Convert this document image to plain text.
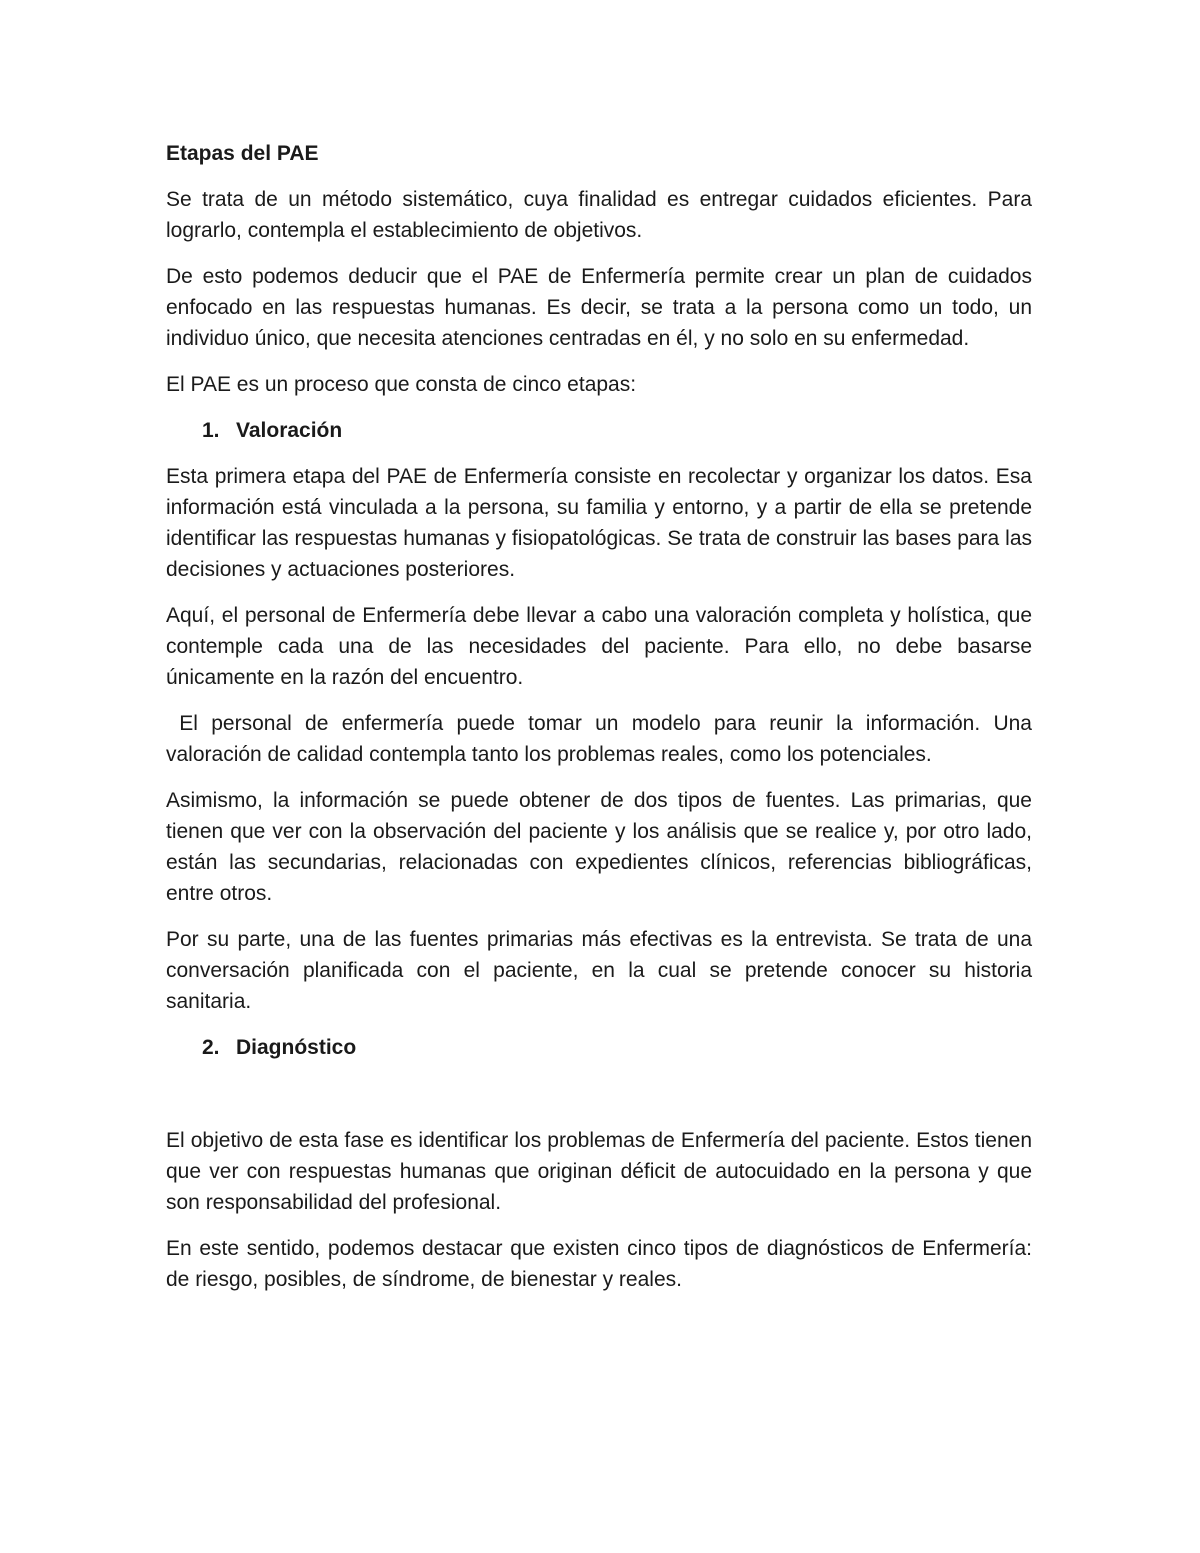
Etapas del PAE

Se trata de un método sistemático, cuya finalidad es entregar cuidados eficientes. Para lograrlo, contempla el establecimiento de objetivos.

De esto podemos deducir que el PAE de Enfermería permite crear un plan de cuidados enfocado en las respuestas humanas. Es decir, se trata a la persona como un todo, un individuo único, que necesita atenciones centradas en él, y no solo en su enfermedad.

El PAE es un proceso que consta de cinco etapas:

1. Valoración

Esta primera etapa del PAE de Enfermería consiste en recolectar y organizar los datos. Esa información está vinculada a la persona, su familia y entorno, y a partir de ella se pretende identificar las respuestas humanas y fisiopatológicas. Se trata de construir las bases para las decisiones y actuaciones posteriores.

Aquí, el personal de Enfermería debe llevar a cabo una valoración completa y holística, que contemple cada una de las necesidades del paciente. Para ello, no debe basarse únicamente en la razón del encuentro.

El personal de enfermería puede tomar un modelo para reunir la información. Una valoración de calidad contempla tanto los problemas reales, como los potenciales.

Asimismo, la información se puede obtener de dos tipos de fuentes. Las primarias, que tienen que ver con la observación del paciente y los análisis que se realice y, por otro lado, están las secundarias, relacionadas con expedientes clínicos, referencias bibliográficas, entre otros.

Por su parte, una de las fuentes primarias más efectivas es la entrevista. Se trata de una conversación planificada con el paciente, en la cual se pretende conocer su historia sanitaria.

2. Diagnóstico

El objetivo de esta fase es identificar los problemas de Enfermería del paciente. Estos tienen que ver con respuestas humanas que originan déficit de autocuidado en la persona y que son responsabilidad del profesional.

En este sentido, podemos destacar que existen cinco tipos de diagnósticos de Enfermería: de riesgo, posibles, de síndrome, de bienestar y reales.
